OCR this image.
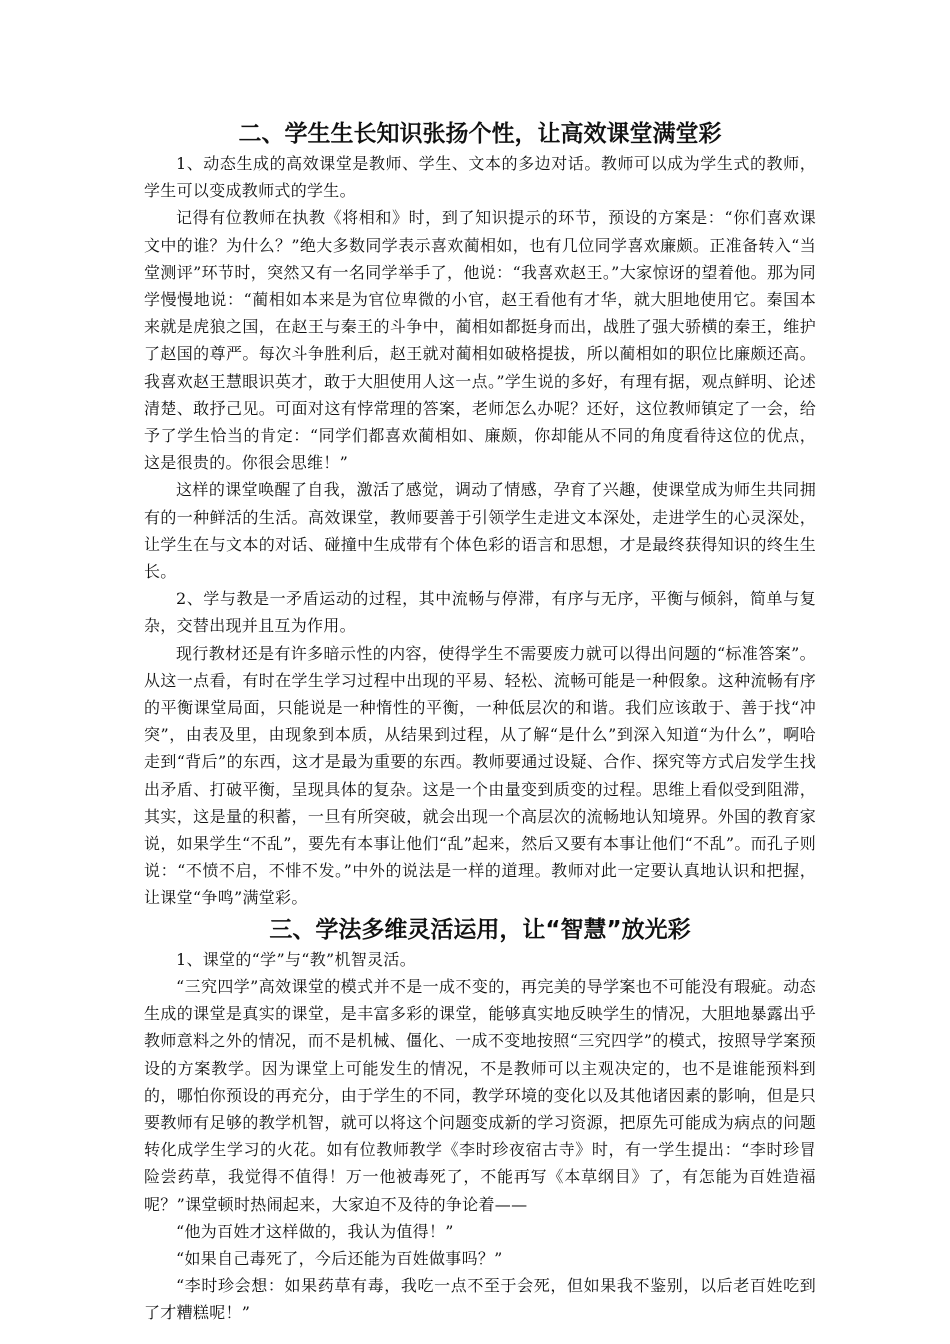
二、学生生长知识张扬个性，让高效课堂满堂彩

1、动态生成的高效课堂是教师、学生、文本的多边对话。教师可以成为学生式的教师，学生可以变成教师式的学生。

记得有位教师在执教《将相和》时，到了知识提示的环节，预设的方案是：“你们喜欢课文中的谁？为什么？”绝大多数同学表示喜欢蔺相如，也有几位同学喜欢廉颇。正准备转入“当堂测评”环节时，突然又有一名同学举手了，他说：“我喜欢赵王。”大家惊讶的望着他。那为同学慢慢地说：“蔺相如本来是为官位卑微的小官，赵王看他有才华，就大胆地使用它。秦国本来就是虎狼之国，在赵王与秦王的斗争中，蔺相如都挺身而出，战胜了强大骄横的秦王，维护了赵国的尊严。每次斗争胜利后，赵王就对蔺相如破格提拔，所以蔺相如的职位比廉颇还高。我喜欢赵王慧眼识英才，敢于大胆使用人这一点。”学生说的多好，有理有据，观点鲜明、论述清楚、敢抒己见。可面对这有悖常理的答案，老师怎么办呢？还好，这位教师镇定了一会，给予了学生恰当的肯定：“同学们都喜欢蔺相如、廉颇，你却能从不同的角度看待这位的优点，这是很贵的。你很会思维！”

这样的课堂唤醒了自我，激活了感觉，调动了情感，孕育了兴趣，使课堂成为师生共同拥有的一种鲜活的生活。高效课堂，教师要善于引领学生走进文本深处，走进学生的心灵深处，让学生在与文本的对话、碰撞中生成带有个体色彩的语言和思想，才是最终获得知识的终生生长。

2、学与教是一矛盾运动的过程，其中流畅与停滞，有序与无序，平衡与倾斜，简单与复杂，交替出现并且互为作用。

现行教材还是有许多暗示性的内容，使得学生不需要废力就可以得出问题的“标准答案”。从这一点看，有时在学生学习过程中出现的平易、轻松、流畅可能是一种假象。这种流畅有序的平衡课堂局面，只能说是一种惰性的平衡，一种低层次的和谐。我们应该敢于、善于找“冲突”，由表及里，由现象到本质，从结果到过程，从了解“是什么”到深入知道“为什么”，啊哈走到“背后”的东西，这才是最为重要的东西。教师要通过设疑、合作、探究等方式启发学生找出矛盾、打破平衡，呈现具体的复杂。这是一个由量变到质变的过程。思维上看似受到阻滞，其实，这是量的积蓄，一旦有所突破，就会出现一个高层次的流畅地认知境界。外国的教育家说，如果学生“不乱”，要先有本事让他们“乱”起来，然后又要有本事让他们“不乱”。而孔子则说：“不愤不启，不悱不发。”中外的说法是一样的道理。教师对此一定要认真地认识和把握，让课堂“争鸣”满堂彩。

三、学法多维灵活运用，让“智慧”放光彩

1、课堂的“学”与“教”机智灵活。

“三究四学”高效课堂的模式并不是一成不变的，再完美的导学案也不可能没有瑕疵。动态生成的课堂是真实的课堂，是丰富多彩的课堂，能够真实地反映学生的情况，大胆地暴露出乎教师意料之外的情况，而不是机械、僵化、一成不变地按照“三究四学”的模式，按照导学案预设的方案教学。因为课堂上可能发生的情况，不是教师可以主观决定的，也不是谁能预料到的，哪怕你预设的再充分，由于学生的不同，教学环境的变化以及其他诸因素的影响，但是只要教师有足够的教学机智，就可以将这个问题变成新的学习资源，把原先可能成为病点的问题转化成学生学习的火花。如有位教师教学《李时珍夜宿古寺》时，有一学生提出：“李时珍冒险尝药草，我觉得不值得！万一他被毒死了，不能再写《本草纲目》了，有怎能为百姓造福呢？”课堂顿时热闹起来，大家迫不及待的争论着——

“他为百姓才这样做的，我认为值得！”

“如果自己毒死了，今后还能为百姓做事吗？”

“李时珍会想：如果药草有毒，我吃一点不至于会死，但如果我不鉴别，以后老百姓吃到了才糟糕呢！”
